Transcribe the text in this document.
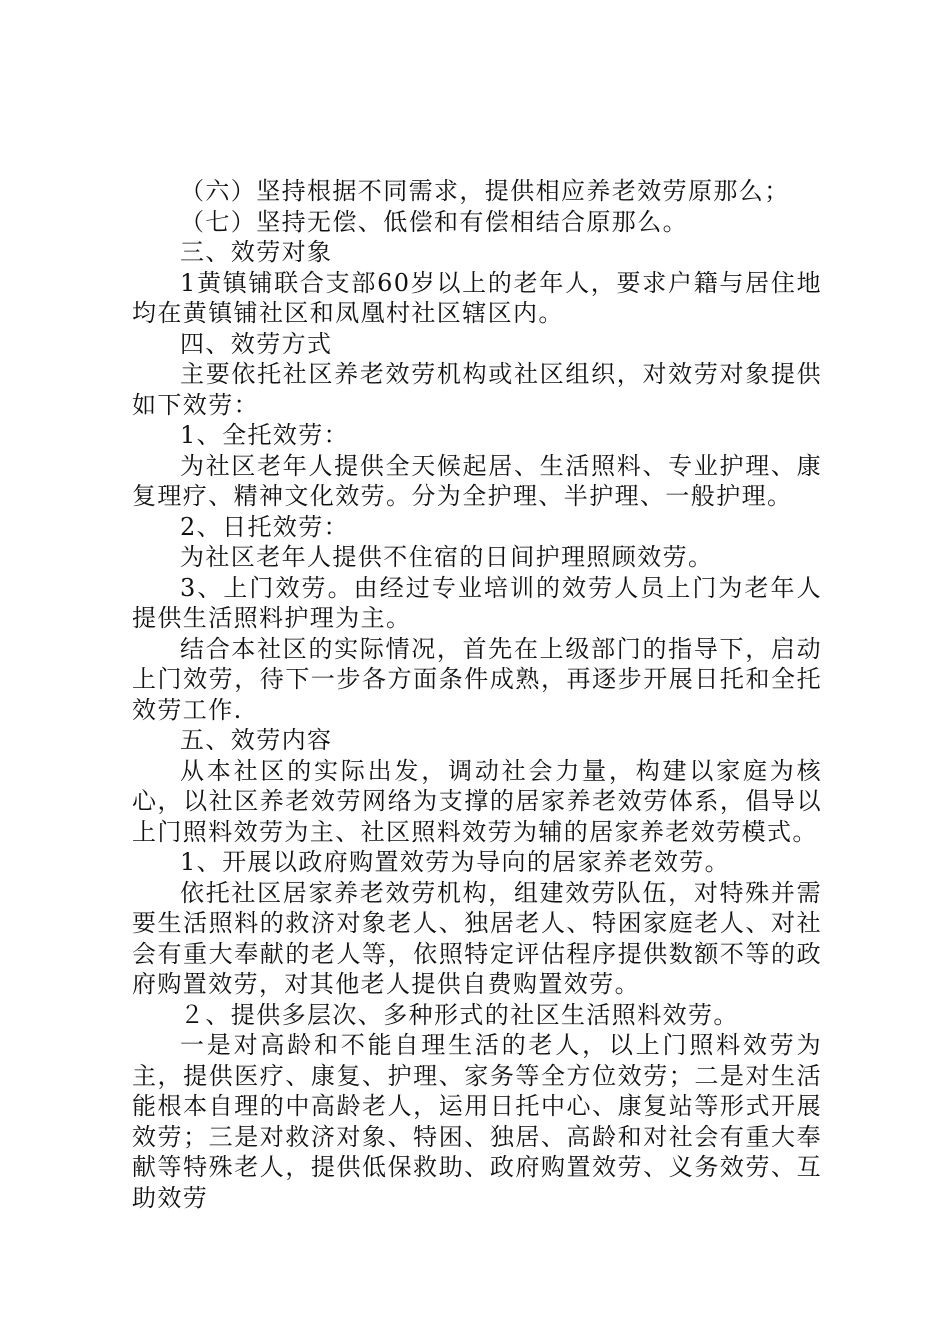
（六）坚持根据不同需求，提供相应养老效劳原那么；

（七）坚持无偿、低偿和有偿相结合原那么。

三、效劳对象

1黄镇铺联合支部60岁以上的老年人，要求户籍与居住地均在黄镇铺社区和凤凰村社区辖区内。

四、效劳方式

主要依托社区养老效劳机构或社区组织，对效劳对象提供如下效劳：

1、全托效劳：

为社区老年人提供全天候起居、生活照料、专业护理、康复理疗、精神文化效劳。分为全护理、半护理、一般护理。

2、日托效劳：

为社区老年人提供不住宿的日间护理照顾效劳。

3、上门效劳。由经过专业培训的效劳人员上门为老年人提供生活照料护理为主。

结合本社区的实际情况，首先在上级部门的指导下，启动上门效劳，待下一步各方面条件成熟，再逐步开展日托和全托效劳工作.

五、效劳内容

从本社区的实际出发，调动社会力量，构建以家庭为核心，以社区养老效劳网络为支撑的居家养老效劳体系，倡导以上门照料效劳为主、社区照料效劳为辅的居家养老效劳模式。

1、开展以政府购置效劳为导向的居家养老效劳。

依托社区居家养老效劳机构，组建效劳队伍，对特殊并需要生活照料的救济对象老人、独居老人、特困家庭老人、对社会有重大奉献的老人等，依照特定评估程序提供数额不等的政府购置效劳，对其他老人提供自费购置效劳。

２、提供多层次、多种形式的社区生活照料效劳。

一是对高龄和不能自理生活的老人，以上门照料效劳为主，提供医疗、康复、护理、家务等全方位效劳；二是对生活能根本自理的中高龄老人，运用日托中心、康复站等形式开展效劳；三是对救济对象、特困、独居、高龄和对社会有重大奉献等特殊老人，提供低保救助、政府购置效劳、义务效劳、互助效劳
